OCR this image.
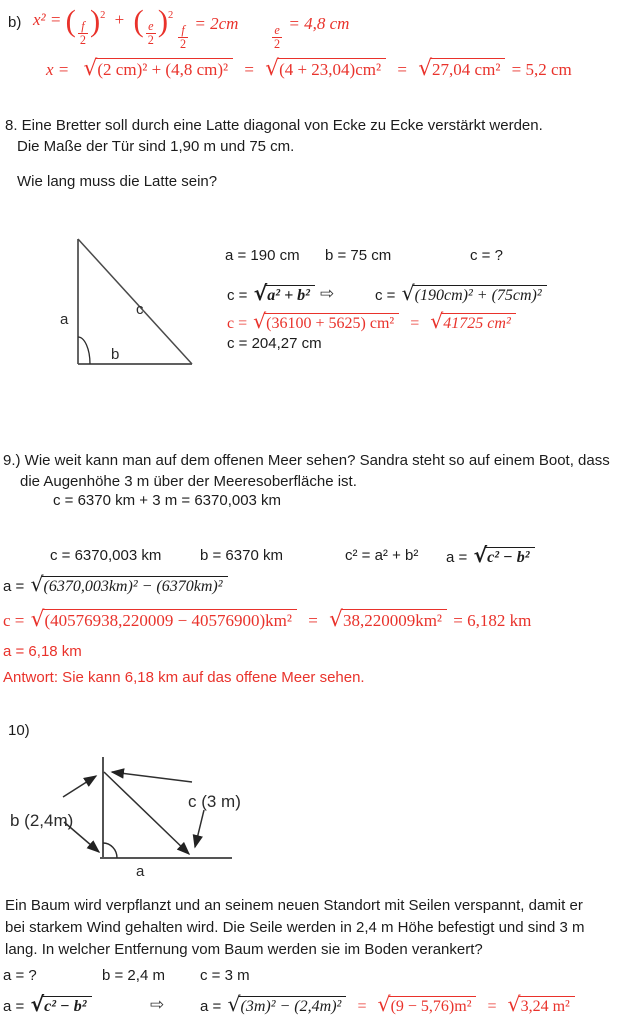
b) x² = ( $\frac{f}{2} )^2$ + ( $\frac{e}{2} )^2$
$\frac{f}{2}$
= 2cm
$\frac{e}{2}$
= 4,8 cm
x = √(2 cm)² + (4,8 cm)² = √(4 + 23,04)cm² = √27,04 cm² = 5,2 cm
8. Eine Bretter soll durch eine Latte diagonal von Ecke zu Ecke verstärkt werden.
Die Maße der Tür sind 1,90 m und 75 cm.
Wie lang muss die Latte sein?
a
c
b
a = 190 cm b = 75 cm	c = ?
c = √a² + b² ⇨	c = √(190cm)² + (75cm)²
c = √(36100 + 5625) cm² = √41725 cm²
c = 204,27 cm
9.) Wie weit kann man auf dem offenen Meer sehen? Sandra steht so auf einem Boot, dass
die Augenhöhe 3 m über der Meeresoberfläche ist.
c = 6370 km + 3 m = 6370,003 km
c = 6370,003 km	b = 6370 km	c² = a² + b² a = √c² − b²
a = √(6370,003km)² − (6370km)²
c = √(40576938,220009 − 40576900)km² = √38,220009km² = 6,182 km
a = 6,18 km
Antwort: Sie kann 6,18 km auf das offene Meer sehen.
10)
b (2,4m)
c (3 m)
a
Ein Baum wird verpflanzt und an seinem neuen Standort mit Seilen verspannt, damit er
bei starkem Wind gehalten wird. Die Seile werden in 2,4 m Höhe befestigt und sind 3 m
lang. In welcher Entfernung vom Baum werden sie im Boden verankert?
a = ?	b = 2,4 m c = 3 m
a = √c² − b²	⇨ a = √(3m)² − (2,4m)² = √(9 − 5,76)m² = √3,24 m²
